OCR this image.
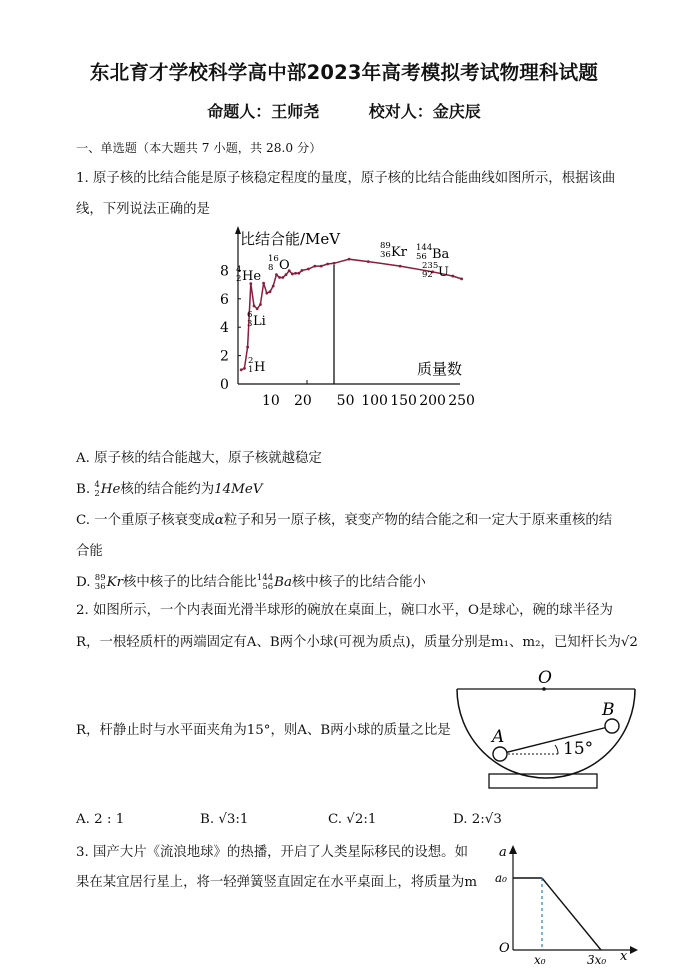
东北育才学校科学高中部2023年高考模拟考试物理科试题
命题人：王师尧	校对人：金庆辰
一、单选题（本大题共 7 小题，共 28.0 分）
1. 原子核的比结合能是原子核稳定程度的量度，原子核的比结合能曲线如图所示，根据该曲
线，下列说法正确的是
比结合能/MeV
质量数
0
2
4
6
8
10 20 50 100 150 200 250
4
2 He
16
8 O
89
36 Kr 144
56 Ba
235
92 U
6
3 Li
2
1 H
A. 原子核的结合能越大，原子核就越稳定
B. 4
2 He核的结合能约为14MeV
C. 一个重原子核衰变成α粒子和另一原子核，衰变产物的结合能之和一定大于原来重核的结
合能
D. 89
36 Kr核中核子的比结合能比 144
56 Ba核中核子的比结合能小
2. 如图所示，一个内表面光滑半球形的碗放在桌面上，碗口水平，O是球心，碗的球半径为
R，一根轻质杆的两端固定有A、B两个小球(可视为质点)，质量分别是m₁、m₂，已知杆长为√2
R，杆静止时与水平面夹角为15°，则A、B两小球的质量之比是
O
A
B
15°
A. 2 : 1	B. √3:1	C. √2:1	D. 2:√3
3. 国产大片《流浪地球》的热播，开启了人类星际移民的设想。如
果在某宜居行星上，将一轻弹簧竖直固定在水平桌面上，将质量为m
a
a₀
O
x₀	3x₀ x
